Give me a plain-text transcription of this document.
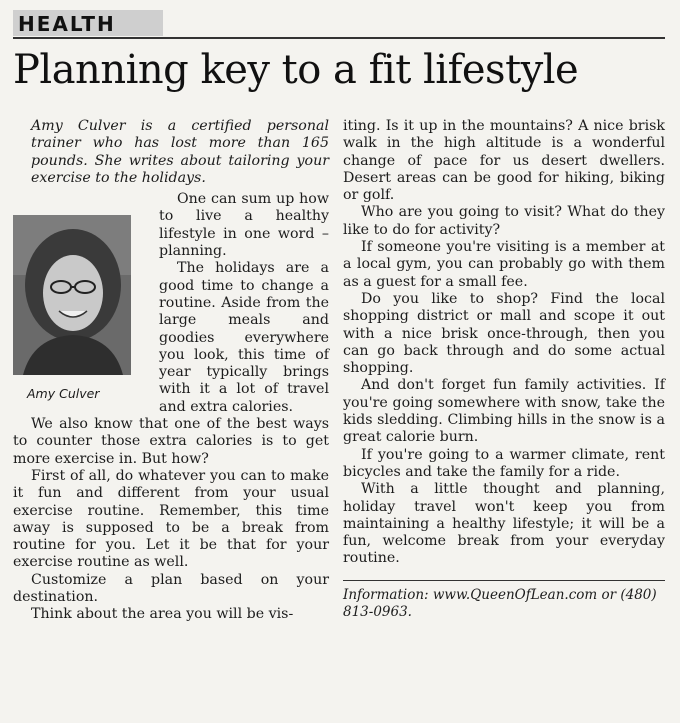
HEALTH
Planning key to a fit lifestyle

Amy Culver is a certified personal trainer who has lost more than 165 pounds. She writes about tailoring your exercise to the holidays.

Amy Culver

One can sum up how to live a healthy lifestyle in one word – planning.

The holidays are a good time to change a routine. Aside from the large meals and goodies everywhere you look, this time of year typically brings with it a lot of travel and extra calories.

We also know that one of the best ways to counter those extra calories is to get more exercise in. But how?

First of all, do whatever you can to make it fun and different from your usual exercise routine. Remember, this time away is supposed to be a break from routine for you. Let it be that for your exercise routine as well.

Customize a plan based on your destination.

Think about the area you will be vis-

iting. Is it up in the mountains? A nice brisk walk in the high altitude is a wonderful change of pace for us desert dwellers. Desert areas can be good for hiking, biking or golf.

Who are you going to visit? What do they like to do for activity?

If someone you're visiting is a member at a local gym, you can probably go with them as a guest for a small fee.

Do you like to shop? Find the local shopping district or mall and scope it out with a nice brisk once-through, then you can go back through and do some actual shopping.

And don't forget fun family activities. If you're going somewhere with snow, take the kids sledding. Climbing hills in the snow is a great calorie burn.

If you're going to a warmer climate, rent bicycles and take the family for a ride.

With a little thought and planning, holiday travel won't keep you from maintaining a healthy lifestyle; it will be a fun, welcome break from your everyday routine.

Information: www.QueenOfLean.com or (480) 813-0963.
